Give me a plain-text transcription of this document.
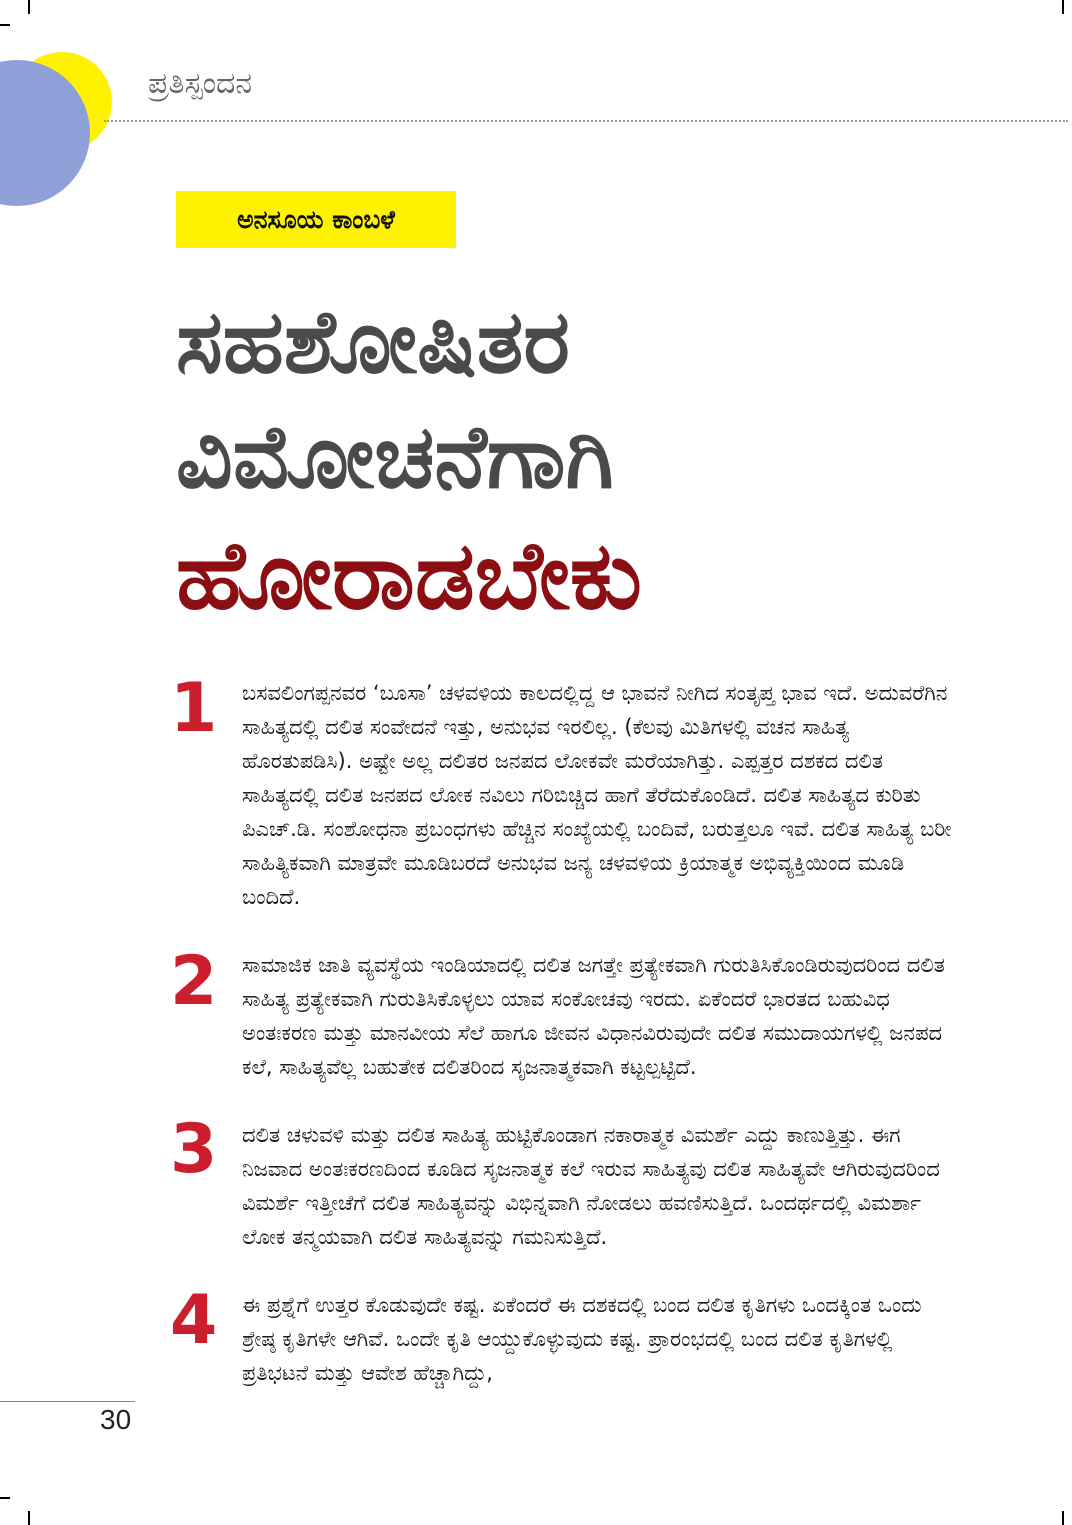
ಪ್ರತಿಸ್ಪಂದನ
ಅನಸೂಯ ಕಾಂಬಳೆ
ಸಹಶೋಷಿತರ
ವಿಮೋಚನೆಗಾಗಿ
ಹೋರಾಡಬೇಕು
1 ಬಸವಲಿಂಗಪ್ಪನವರ ‘ಬೂಸಾ’ ಚಳವಳಿಯ ಕಾಲದಲ್ಲಿದ್ದ ಆ ಭಾವನೆ ನೀಗಿದ ಸಂತೃಪ್ತ ಭಾವ ಇದೆ. ಅದುವರೆಗಿನ ಸಾಹಿತ್ಯದಲ್ಲಿ ದಲಿತ ಸಂವೇದನೆ ಇತ್ತು, ಅನುಭವ ಇರಲಿಲ್ಲ. (ಕೆಲವು ಮಿತಿಗಳಲ್ಲಿ ವಚನ ಸಾಹಿತ್ಯ ಹೊರತುಪಡಿಸಿ). ಅಷ್ಟೇ ಅಲ್ಲ ದಲಿತರ ಜನಪದ ಲೋಕವೇ ಮರೆಯಾಗಿತ್ತು. ಎಪ್ಪತ್ತರ ದಶಕದ ದಲಿತ ಸಾಹಿತ್ಯದಲ್ಲಿ ದಲಿತ ಜನಪದ ಲೋಕ ನವಿಲು ಗರಿಬಿಚ್ಚಿದ ಹಾಗೆ ತೆರೆದುಕೊಂಡಿದೆ. ದಲಿತ ಸಾಹಿತ್ಯದ ಕುರಿತು ಪಿಎಚ್.ಡಿ. ಸಂಶೋಧನಾ ಪ್ರಬಂಧಗಳು ಹೆಚ್ಚಿನ ಸಂಖ್ಯೆಯಲ್ಲಿ ಬಂದಿವೆ, ಬರುತ್ತಲೂ ಇವೆ. ದಲಿತ ಸಾಹಿತ್ಯ ಬರೀ ಸಾಹಿತ್ಯಿಕವಾಗಿ ಮಾತ್ರವೇ ಮೂಡಿಬರದೆ ಅನುಭವ ಜನ್ಯ ಚಳವಳಿಯ ಕ್ರಿಯಾತ್ಮಕ ಅಭಿವ್ಯಕ್ತಿಯಿಂದ ಮೂಡಿ ಬಂದಿದೆ.
2 ಸಾಮಾಜಿಕ ಜಾತಿ ವ್ಯವಸ್ಥೆಯ ಇಂಡಿಯಾದಲ್ಲಿ ದಲಿತ ಜಗತ್ತೇ ಪ್ರತ್ಯೇಕವಾಗಿ ಗುರುತಿಸಿಕೊಂಡಿರುವುದರಿಂದ ದಲಿತ ಸಾಹಿತ್ಯ ಪ್ರತ್ಯೇಕವಾಗಿ ಗುರುತಿಸಿಕೊಳ್ಳಲು ಯಾವ ಸಂಕೋಚವು ಇರದು. ಏಕೆಂದರೆ ಭಾರತದ ಬಹುವಿಧ ಅಂತಃಕರಣ ಮತ್ತು ಮಾನವೀಯ ಸೆಲೆ ಹಾಗೂ ಜೀವನ ವಿಧಾನವಿರುವುದೇ ದಲಿತ ಸಮುದಾಯಗಳಲ್ಲಿ ಜನಪದ ಕಲೆ, ಸಾಹಿತ್ಯವೆಲ್ಲ ಬಹುತೇಕ ದಲಿತರಿಂದ ಸೃಜನಾತ್ಮಕವಾಗಿ ಕಟ್ಟಲ್ಪಟ್ಟಿದೆ.
3 ದಲಿತ ಚಳುವಳಿ ಮತ್ತು ದಲಿತ ಸಾಹಿತ್ಯ ಹುಟ್ಟಿಕೊಂಡಾಗ ನಕಾರಾತ್ಮಕ ವಿಮರ್ಶೆ ಎದ್ದು ಕಾಣುತ್ತಿತ್ತು. ಈಗ ನಿಜವಾದ ಅಂತಃಕರಣದಿಂದ ಕೂಡಿದ ಸೃಜನಾತ್ಮಕ ಕಲೆ ಇರುವ ಸಾಹಿತ್ಯವು ದಲಿತ ಸಾಹಿತ್ಯವೇ ಆಗಿರುವುದರಿಂದ ವಿಮರ್ಶೆ ಇತ್ತೀಚೆಗೆ ದಲಿತ ಸಾಹಿತ್ಯವನ್ನು ವಿಭಿನ್ನವಾಗಿ ನೋಡಲು ಹವಣಿಸುತ್ತಿದೆ. ಒಂದರ್ಥದಲ್ಲಿ ವಿಮರ್ಶಾ ಲೋಕ ತನ್ಮಯವಾಗಿ ದಲಿತ ಸಾಹಿತ್ಯವನ್ನು ಗಮನಿಸುತ್ತಿದೆ.
4 ಈ ಪ್ರಶ್ನೆಗೆ ಉತ್ತರ ಕೊಡುವುದೇ ಕಷ್ಟ. ಏಕೆಂದರೆ ಈ ದಶಕದಲ್ಲಿ ಬಂದ ದಲಿತ ಕೃತಿಗಳು ಒಂದಕ್ಕಿಂತ ಒಂದು ಶ್ರೇಷ್ಠ ಕೃತಿಗಳೇ ಆಗಿವೆ. ಒಂದೇ ಕೃತಿ ಆಯ್ದುಕೊಳ್ಳುವುದು ಕಷ್ಟ. ಪ್ರಾರಂಭದಲ್ಲಿ ಬಂದ ದಲಿತ ಕೃತಿಗಳಲ್ಲಿ ಪ್ರತಿಭಟನೆ ಮತ್ತು ಆವೇಶ ಹೆಚ್ಚಾಗಿದ್ದು,
30
